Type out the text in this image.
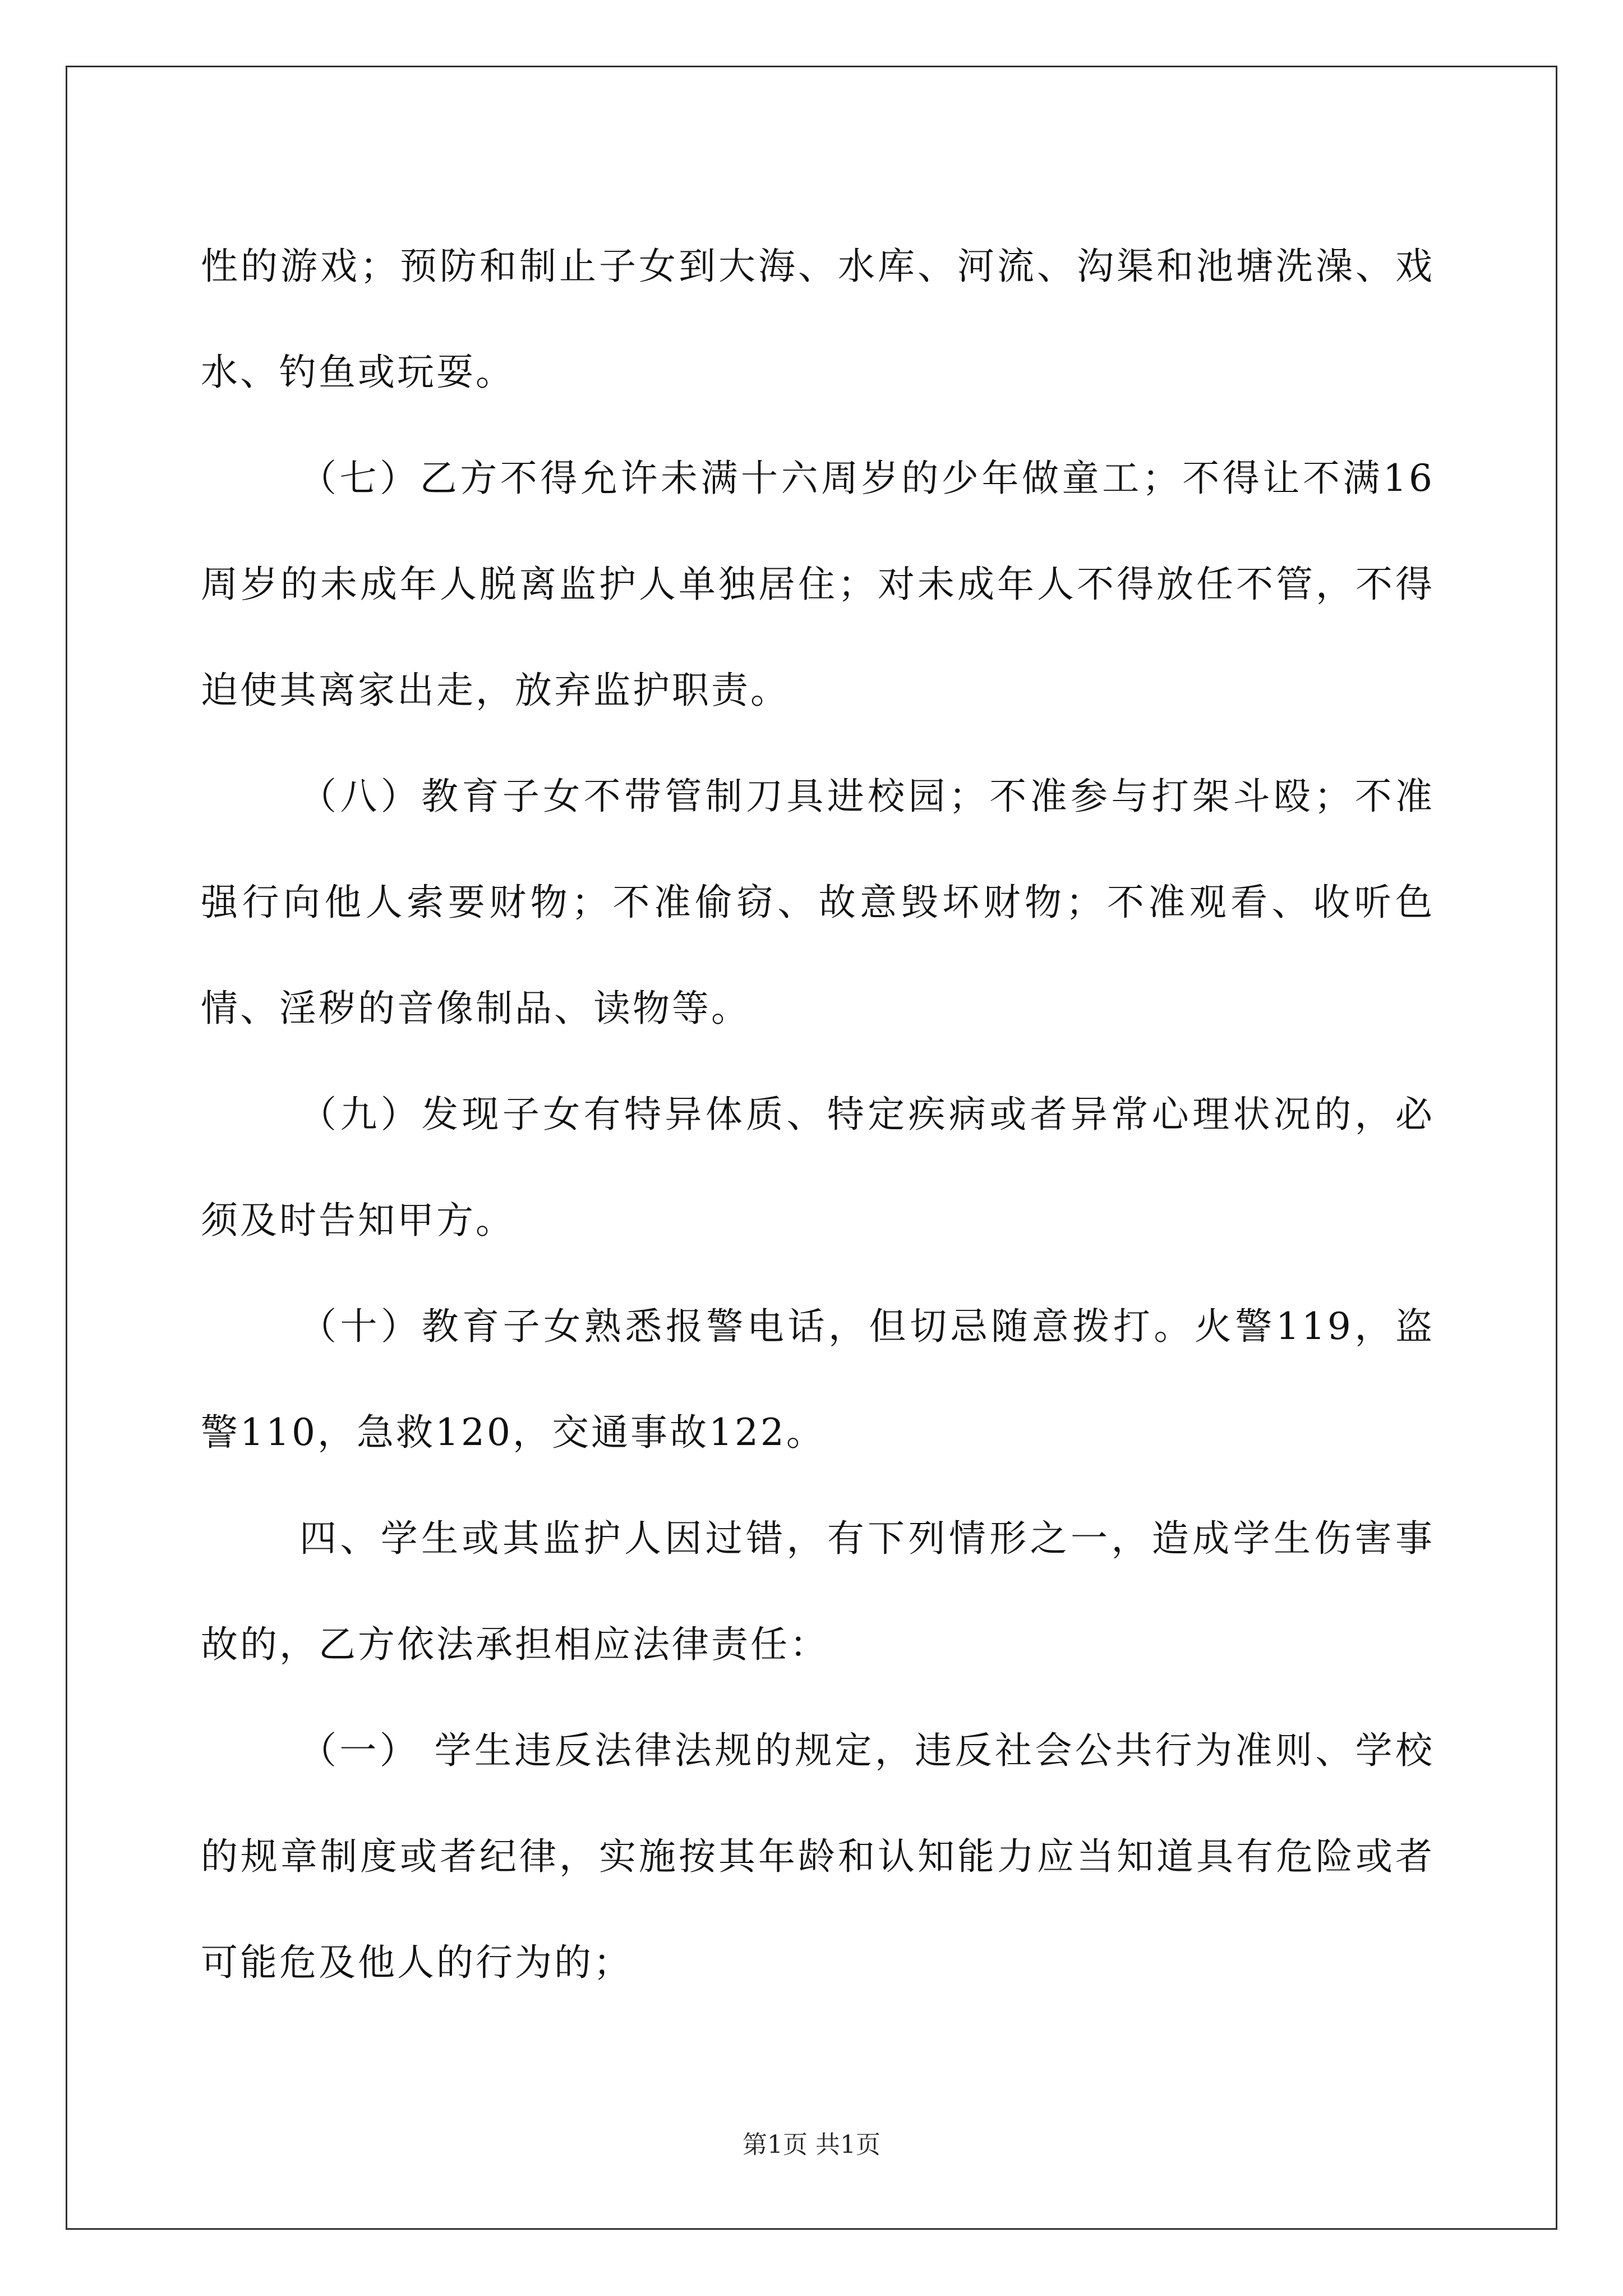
性的游戏；预防和制止子女到大海、水库、河流、沟渠和池塘洗澡、戏水、钓鱼或玩耍。

（七）乙方不得允许未满十六周岁的少年做童工；不得让不满16周岁的未成年人脱离监护人单独居住；对未成年人不得放任不管，不得迫使其离家出走，放弃监护职责。

（八）教育子女不带管制刀具进校园；不准参与打架斗殴；不准强行向他人索要财物；不准偷窃、故意毁坏财物；不准观看、收听色情、淫秽的音像制品、读物等。

（九）发现子女有特异体质、特定疾病或者异常心理状况的，必须及时告知甲方。

（十）教育子女熟悉报警电话，但切忌随意拨打。火警119，盗警110，急救120，交通事故122。

四、学生或其监护人因过错，有下列情形之一，造成学生伤害事故的，乙方依法承担相应法律责任：

（一） 学生违反法律法规的规定，违反社会公共行为准则、学校的规章制度或者纪律，实施按其年龄和认知能力应当知道具有危险或者可能危及他人的行为的；

第1页 共1页
